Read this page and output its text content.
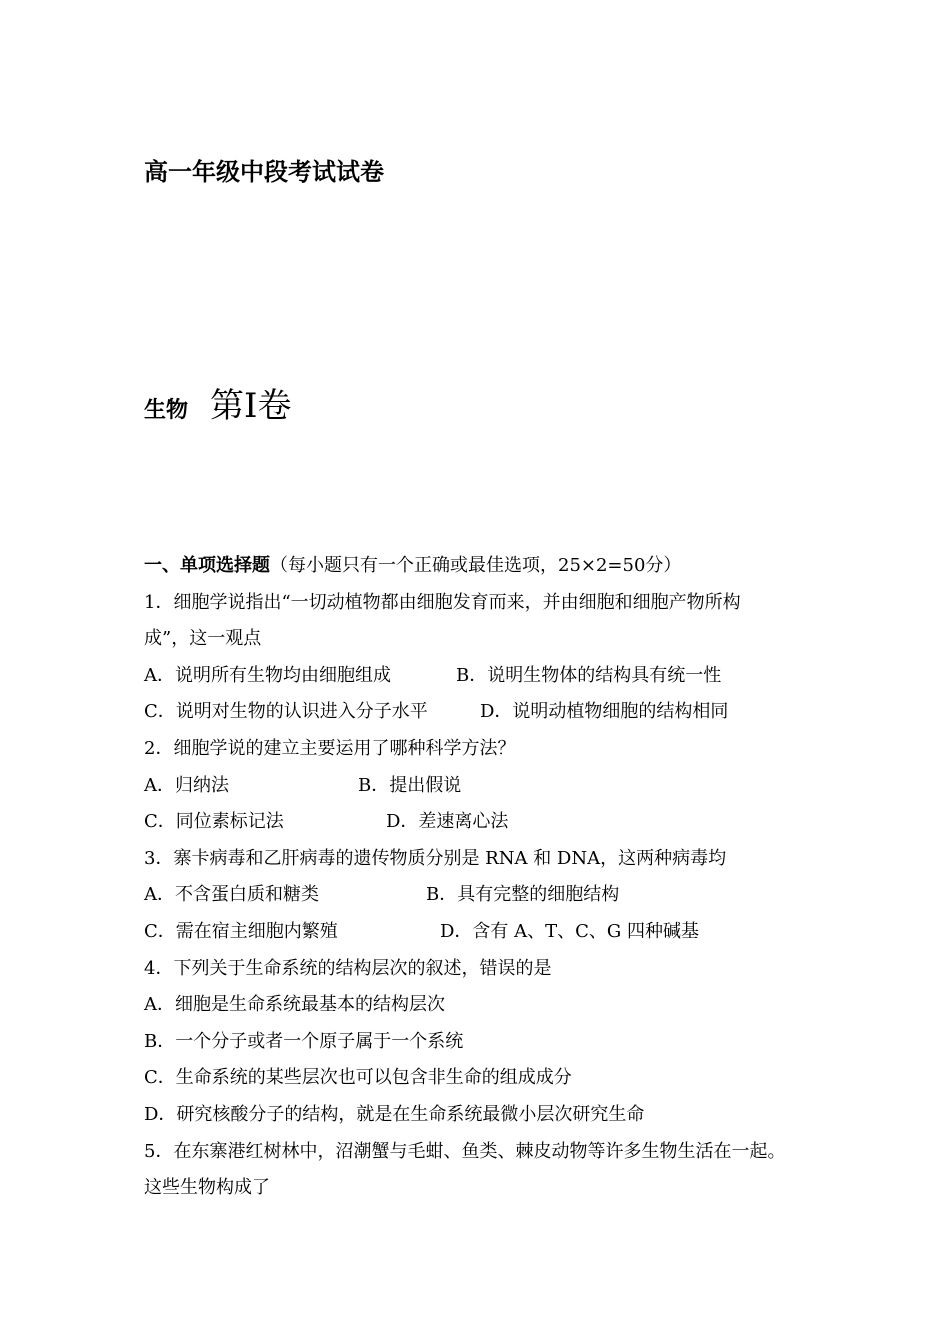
高一年级中段考试试卷
生物 第Ⅰ卷
一、单项选择题（每小题只有一个正确或最佳选项，25×2=50分）
1．细胞学说指出“一切动植物都由细胞发育而来，并由细胞和细胞产物所构
成”，这一观点
A．说明所有生物均由细胞组成	B．说明生物体的结构具有统一性
C．说明对生物的认识进入分子水平	D．说明动植物细胞的结构相同
2．细胞学说的建立主要运用了哪种科学方法？
A．归纳法	B．提出假说
C．同位素标记法	D．差速离心法
3．寨卡病毒和乙肝病毒的遗传物质分别是 RNA 和 DNA，这两种病毒均
A．不含蛋白质和糖类	B．具有完整的细胞结构
C．需在宿主细胞内繁殖	D．含有 A、T、C、G 四种碱基
4．下列关于生命系统的结构层次的叙述，错误的是
A．细胞是生命系统最基本的结构层次
B．一个分子或者一个原子属于一个系统
C．生命系统的某些层次也可以包含非生命的组成成分
D．研究核酸分子的结构，就是在生命系统最微小层次研究生命
5．在东寨港红树林中，沼潮蟹与毛蚶、鱼类、棘皮动物等许多生物生活在一起。
这些生物构成了
